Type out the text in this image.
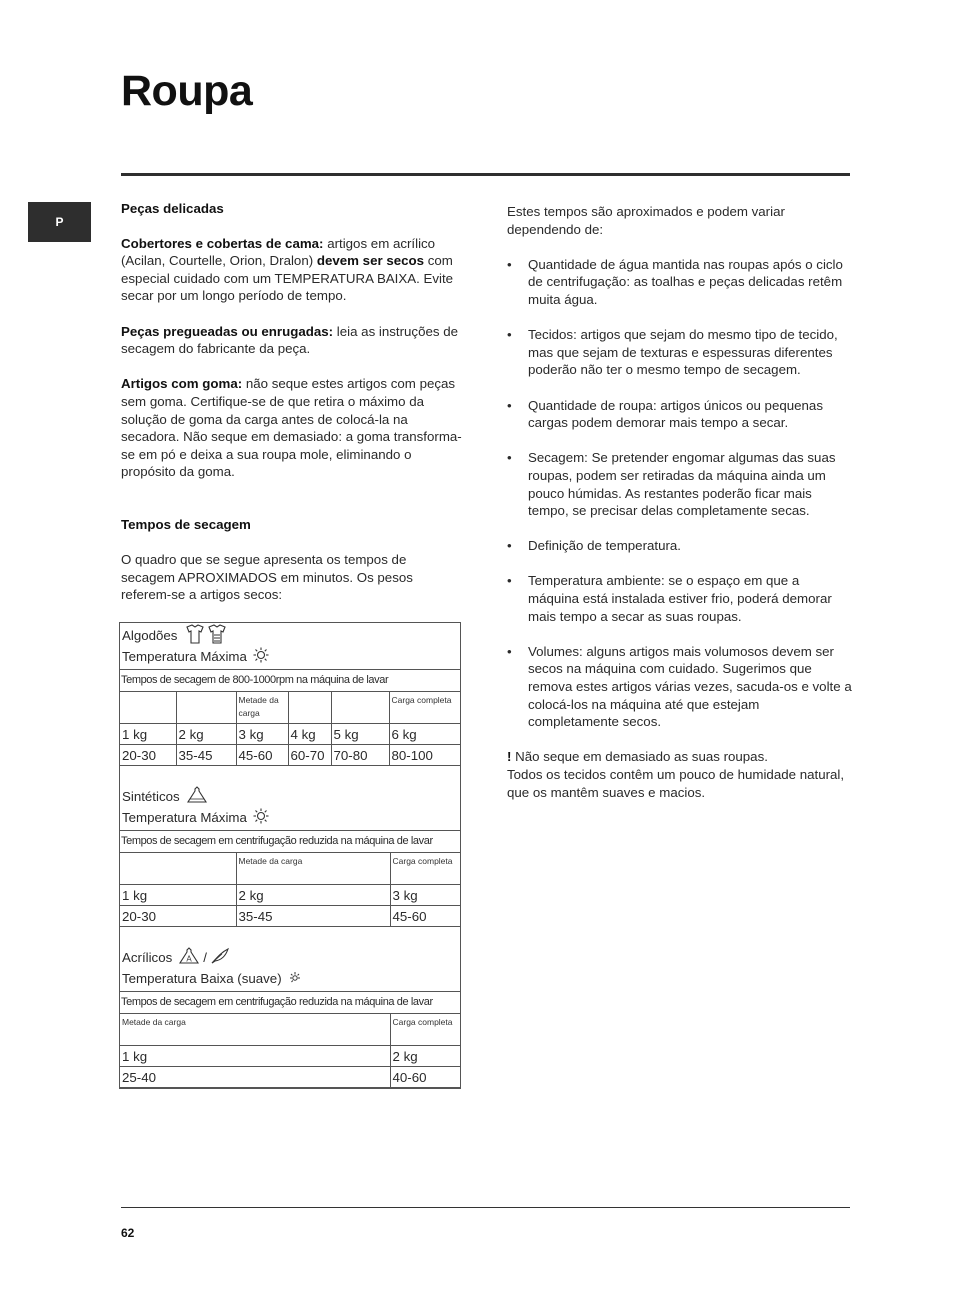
Roupa
P
Peças delicadas
Cobertores e cobertas de cama: artigos em acrílico (Acilan, Courtelle, Orion, Dralon) devem ser secos com especial cuidado com um TEMPERATURA BAIXA. Evite secar por um longo período de tempo.
Peças pregueadas ou enrugadas: leia as instruções de secagem do fabricante da peça.
Artigos com goma: não seque estes artigos com peças sem goma. Certifique-se de que retira o máximo da solução de goma da carga antes de colocá-la na secadora. Não seque em demasiado: a goma transforma-se em pó e deixa a sua roupa mole, eliminando o propósito da goma.
Tempos de secagem
O quadro que se segue apresenta os tempos de secagem APROXIMADOS em minutos. Os pesos referem-se a artigos secos:
Algodões
Temperatura Máxima
Tempos de secagem de 800-1000rpm na máquina de lavar
		Metade da carga			Carga completa
1 kg	2 kg	3 kg	4 kg	5 kg	6 kg
20-30	35-45	45-60	60-70	70-80	80-100
Sintéticos
Temperatura Máxima
Tempos de secagem em centrifugação reduzida na máquina de lavar
	Metade da carga	Carga completa
1 kg	2 kg	3 kg
20-30	35-45	45-60
Acrílicos A /
Temperatura Baixa (suave)
Tempos de secagem em centrifugação reduzida na máquina de lavar
Metade da carga	Carga completa
1 kg	2 kg
25-40	40-60
Estes tempos são aproximados e podem variar dependendo de:
• Quantidade de água mantida nas roupas após o ciclo de centrifugação: as toalhas e peças delicadas retêm muita água.
• Tecidos: artigos que sejam do mesmo tipo de tecido, mas que sejam de texturas e espessuras diferentes poderão não ter o mesmo tempo de secagem.
• Quantidade de roupa: artigos únicos ou pequenas cargas podem demorar mais tempo a secar.
• Secagem: Se pretender engomar algumas das suas roupas, podem ser retiradas da máquina ainda um pouco húmidas. As restantes poderão ficar mais tempo, se precisar delas completamente secas.
• Definição de temperatura.
• Temperatura ambiente: se o espaço em que a máquina está instalada estiver frio, poderá demorar mais tempo a secar as suas roupas.
• Volumes: alguns artigos mais volumosos devem ser secos na máquina com cuidado. Sugerimos que remova estes artigos várias vezes, sacuda-os e volte a colocá-los na máquina até que estejam completamente secos.
! Não seque em demasiado as suas roupas.
Todos os tecidos contêm um pouco de humidade natural, que os mantêm suaves e macios.
62
